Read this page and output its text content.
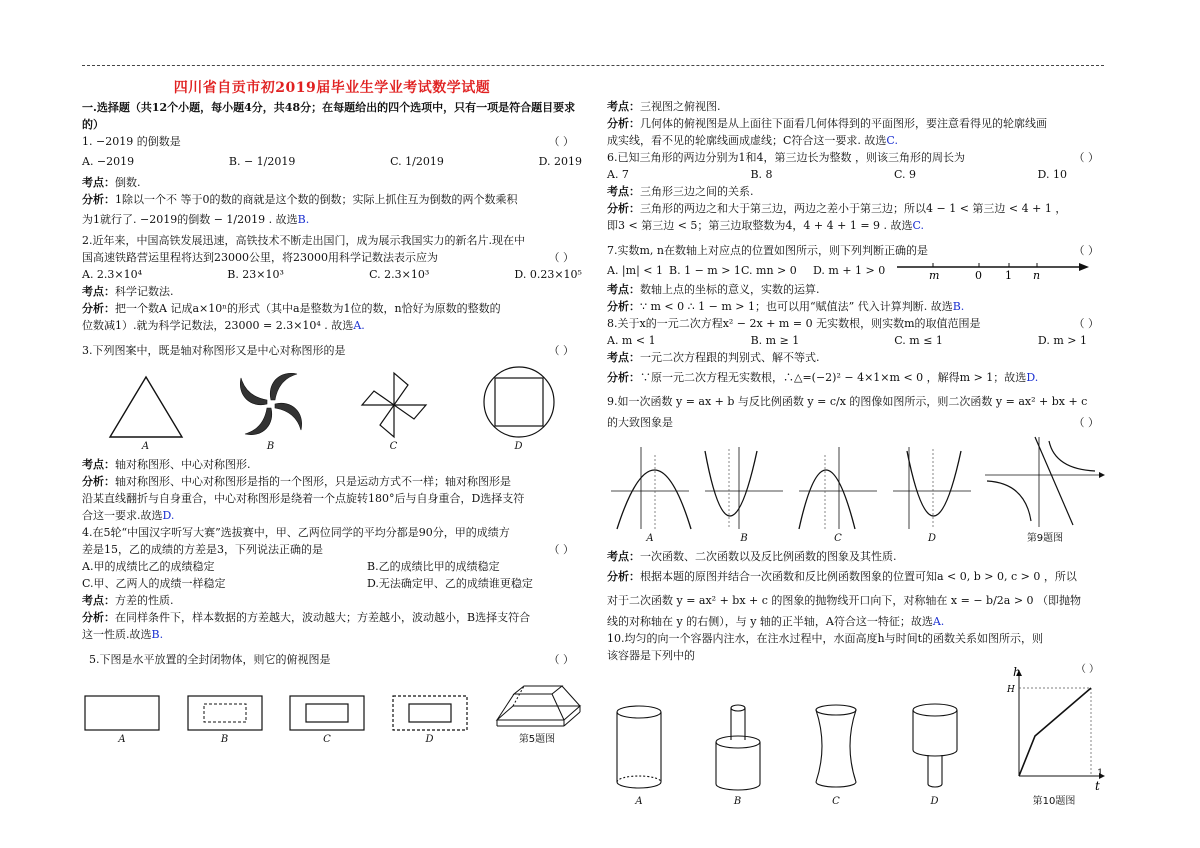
四川省自贡市初2019届毕业生学业考试数学试题

一.选择题（共12个小题，每小题4分，共48分；在每题给出的四个选项中，只有一项是符合题目要求的）

1. −2019 的倒数是	（ ）

A. −2019	B. − 1/2019	C. 1/2019	D. 2019

考点：倒数.

分析：1除以一个不 等于0的数的商就是这个数的倒数；实际上抓住互为倒数的两个数乘积

为1就行了. −2019的倒数 − 1/2019 . 故选B.

2.近年来，中国高铁发展迅速，高铁技术不断走出国门，成为展示我国实力的新名片.现在中

国高速铁路营运里程将达到23000公里，将23000用科学记数法表示应为	（ ）

A. 2.3×10⁴	B. 23×10³	C. 2.3×10³	D. 0.23×10⁵

考点：科学记数法.

分析：把一个数A 记成a×10ⁿ的形式（其中a是整数为1位的数，n恰好为原数的整数的

位数减1）.就为科学记数法，23000 = 2.3×10⁴ . 故选A.

3.下列图案中，既是轴对称图形又是中心对称图形的是	（ ）

A	B	C	D

考点：轴对称图形、中心对称图形.

分析：轴对称图形、中心对称图形是指的一个图形，只是运动方式不一样；轴对称图形是

沿某直线翻折与自身重合，中心对称图形是绕着一个点旋转180°后与自身重合，D选择支符

合这一要求.故选D.

4.在5轮“中国汉字听写大赛”选拔赛中，甲、乙两位同学的平均分都是90分，甲的成绩方

差是15，乙的成绩的方差是3，下列说法正确的是	（ ）

A.甲的成绩比乙的成绩稳定	B.乙的成绩比甲的成绩稳定
C.甲、乙两人的成绩一样稳定	D.无法确定甲、乙的成绩谁更稳定

考点：方差的性质.

分析：在同样条件下，样本数据的方差越大，波动越大；方差越小，波动越小，B选择支符合

这一性质.故选B.

5.下图是水平放置的全封闭物体，则它的俯视图是	（ ）

A	B	C	D	第5题图

考点：三视图之俯视图.

分析：几何体的俯视图是从上面往下面看几何体得到的平面图形，要注意看得见的轮廓线画

成实线，看不见的轮廓线画成虚线；C符合这一要求. 故选C.

6.已知三角形的两边分别为1和4，第三边长为整数 ，则该三角形的周长为	（ ）

A. 7	B. 8	C. 9	D. 10

考点：三角形三边之间的关系.

分析：三角形的两边之和大于第三边，两边之差小于第三边；所以4 − 1 < 第三边 < 4 + 1 ，

即3 < 第三边 < 5；第三边取整数为4，4 + 4 + 1 = 9 . 故选C.

7.实数m, n在数轴上对应点的位置如图所示，则下列判断正确的是	（ ）

A. |m| < 1 B. 1 − m > 1 C. mn > 0	D. m + 1 > 0	m	0 1 n

考点：数轴上点的坐标的意义，实数的运算.

分析：∵ m < 0 ∴ 1 − m > 1；也可以用“赋值法” 代入计算判断. 故选B.

8.关于x的一元二次方程x² − 2x + m = 0 无实数根，则实数m的取值范围是	（ ）

A. m < 1	B. m ≥ 1	C. m ≤ 1	D. m > 1

考点：一元二次方程跟的判别式、解不等式.

分析：∵原一元二次方程无实数根，∴△=(−2)² − 4×1×m < 0 ，解得m > 1；故选D.

9.如一次函数 y = ax + b 与反比例函数 y = c/x 的图像如图所示，则二次函数 y = ax² + bx + c

的大致图象是	（ ）

A	B	C	D	第9题图

考点：一次函数、二次函数以及反比例函数的图象及其性质.

分析：根据本题的原图并结合一次函数和反比例函数图象的位置可知a < 0, b > 0, c > 0 ，所以

对于二次函数 y = ax² + bx + c 的图象的抛物线开口向下，对称轴在 x = − b/2a > 0 （即抛物

线的对称轴在 y 的右侧），与 y 轴的正半轴，A符合这一特征；故选A.

10.均匀的向一个容器内注水，在注水过程中，水面高度h与时间t的函数关系如图所示，则

该容器是下列中的

A	B	C	D
（ ）
h
H
t
第10题图
1
